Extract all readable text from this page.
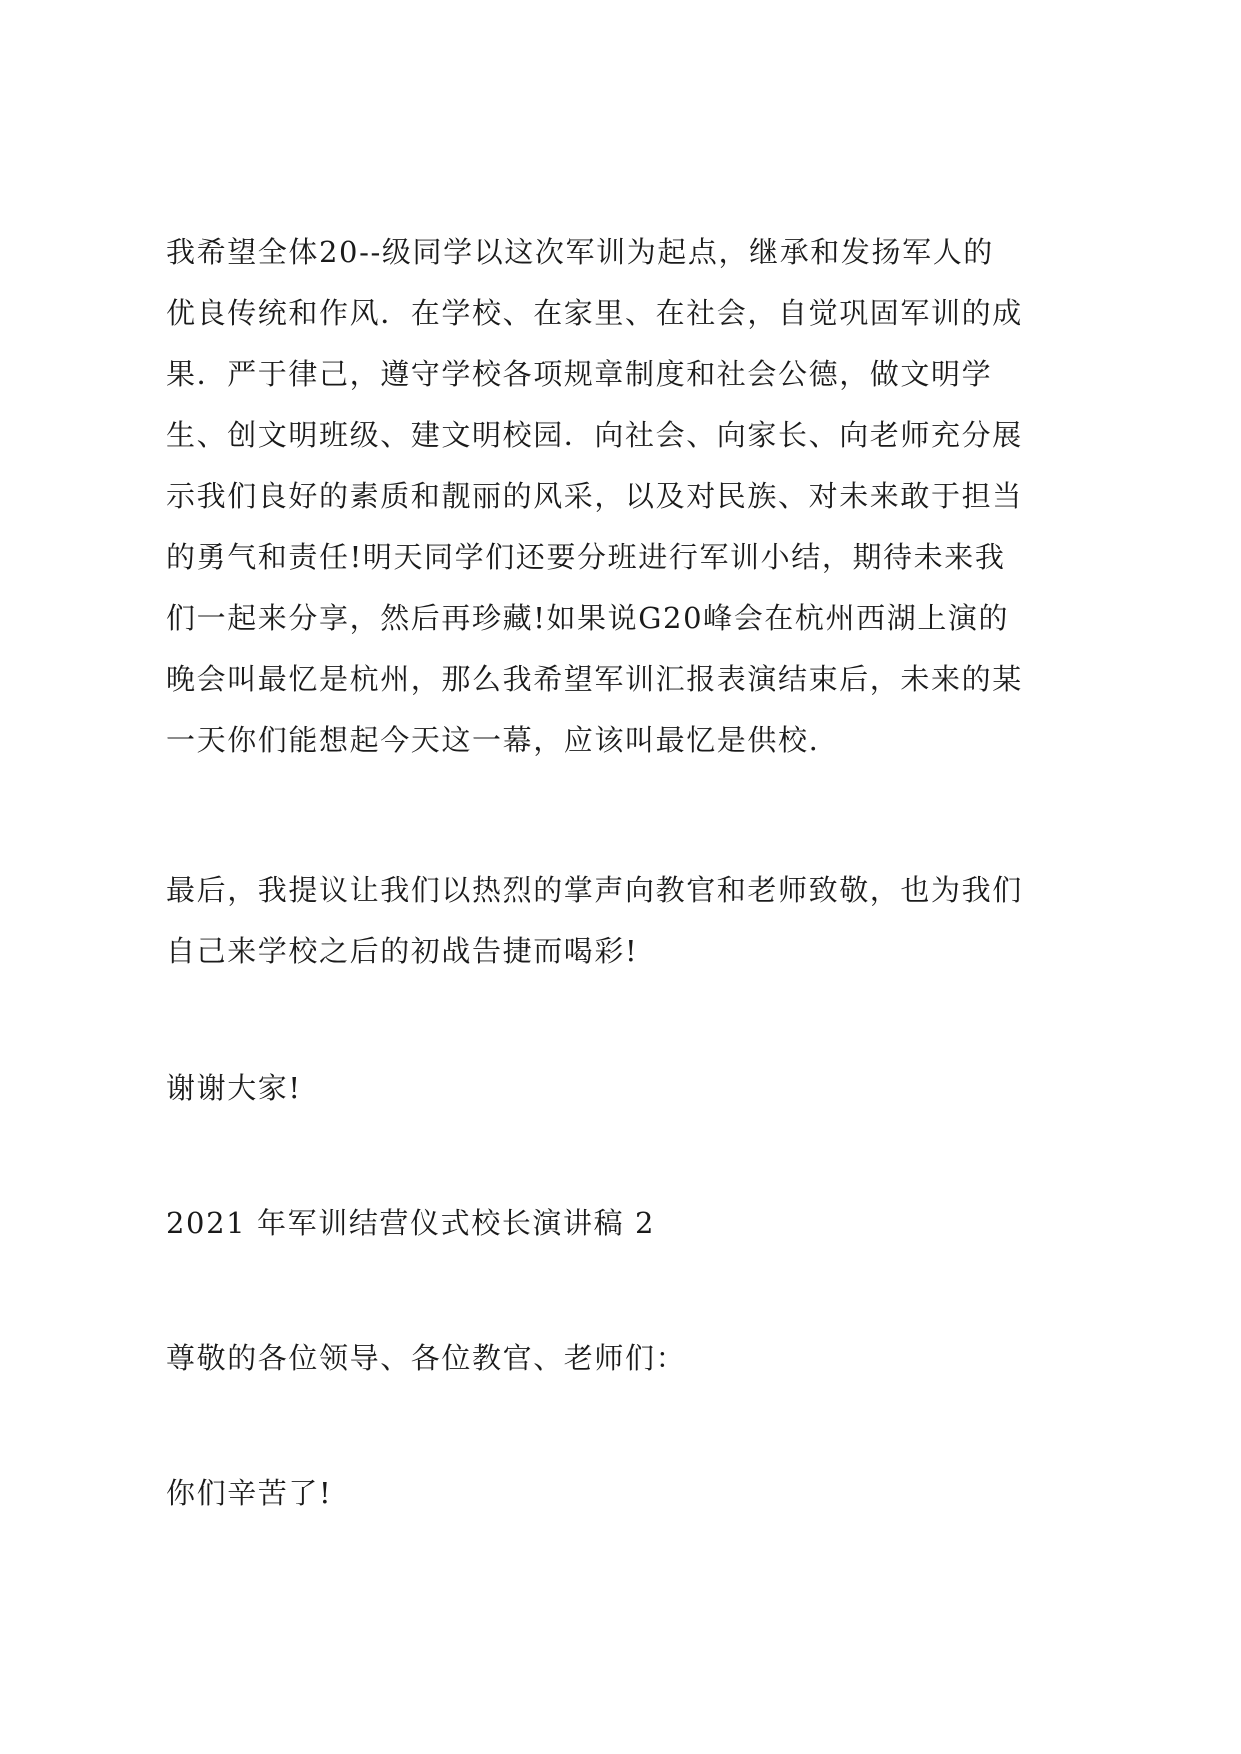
我希望全体20--级同学以这次军训为起点，继承和发扬军人的
优良传统和作风．在学校、在家里、在社会，自觉巩固军训的成
果．严于律己，遵守学校各项规章制度和社会公德，做文明学
生、创文明班级、建文明校园．向社会、向家长、向老师充分展
示我们良好的素质和靓丽的风采，以及对民族、对未来敢于担当
的勇气和责任!明天同学们还要分班进行军训小结，期待未来我
们一起来分享，然后再珍藏!如果说G20峰会在杭州西湖上演的
晚会叫最忆是杭州，那么我希望军训汇报表演结束后，未来的某
一天你们能想起今天这一幕，应该叫最忆是供校.
最后，我提议让我们以热烈的掌声向教官和老师致敬，也为我们
自己来学校之后的初战告捷而喝彩!
谢谢大家!
2021 年军训结营仪式校长演讲稿 2
尊敬的各位领导、各位教官、老师们：
你们辛苦了!
